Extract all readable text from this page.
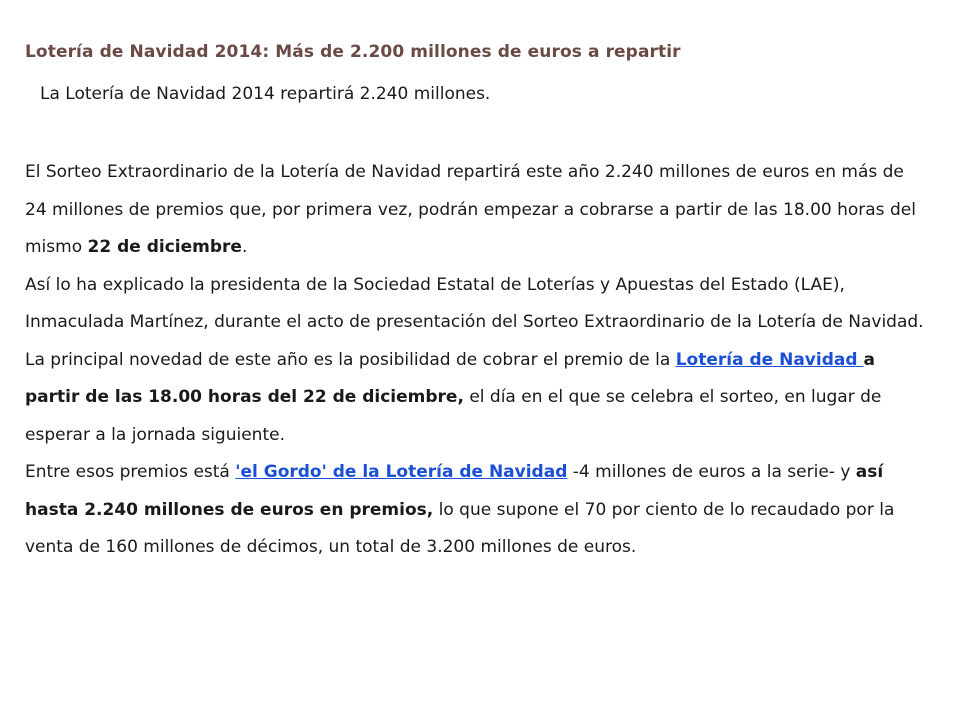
Lotería de Navidad 2014: Más de 2.200 millones de euros a repartir

La Lotería de Navidad 2014 repartirá 2.240 millones.

El Sorteo Extraordinario de la Lotería de Navidad repartirá este año 2.240 millones de euros en más de 24 millones de premios que, por primera vez, podrán empezar a cobrarse a partir de las 18.00 horas del mismo 22 de diciembre.

Así lo ha explicado la presidenta de la Sociedad Estatal de Loterías y Apuestas del Estado (LAE), Inmaculada Martínez, durante el acto de presentación del Sorteo Extraordinario de la Lotería de Navidad.

La principal novedad de este año es la posibilidad de cobrar el premio de la Lotería de Navidad a partir de las 18.00 horas del 22 de diciembre, el día en el que se celebra el sorteo, en lugar de esperar a la jornada siguiente.

Entre esos premios está 'el Gordo' de la Lotería de Navidad -4 millones de euros a la serie- y así hasta 2.240 millones de euros en premios, lo que supone el 70 por ciento de lo recaudado por la venta de 160 millones de décimos, un total de 3.200 millones de euros.
